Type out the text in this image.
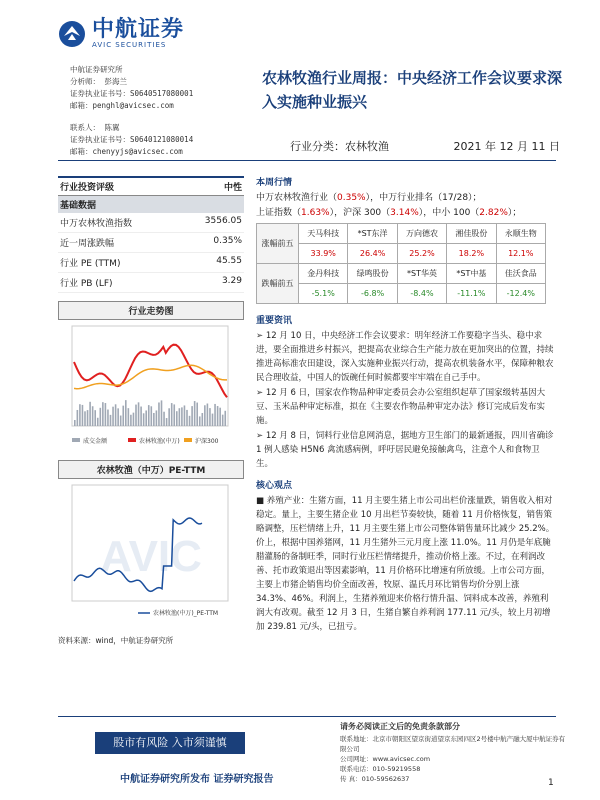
中航证券
AVIC SECURITIES
中航证券研究所
分析师： 彭海兰
证券执业证书号：S0640517080001
邮箱：penghl@avicsec.com
联系人： 陈翼
证券执业证书号：S0640121080014
邮箱：chenyyjs@avicsec.com
农林牧渔行业周报：中央经济工作会议要求深入实施种业振兴
行业分类：农林牧渔	2021 年 12 月 11 日
行业投资评级	中性
基础数据
中万农林牧渔指数	3556.05
近一周涨跌幅	0.35%
行业 PE (TTM)	45.55
行业 PB (LF)	3.29
行业走势图
成交金额	农林牧渔(中万)	沪深300
农林牧渔（中万）PE-TTM
AVIC
农林牧渔(中万)_PE-TTM
资料来源：wind，中航证券研究所
本周行情
中万农林牧渔行业（0.35%），中万行业排名（17/28）；
上证指数（1.63%），沪深 300（3.14%），中小 100（2.82%）；
涨幅前五	天马科技	*ST东洋	万向德农	湘佳股份	永顺生物
	33.9%	26.4%	25.2%	18.2%	12.1%
跌幅前五	金丹科技	绿鸣股份	*ST华英	*ST中基	佳沃食品
	-5.1%	-6.8%	-8.4%	-11.1%	-12.4%
重要资讯

➢ 12 月 10 日，中央经济工作会议要求：明年经济工作要稳字当头、稳中求进，要全面推进乡村振兴，把提高农业综合生产能力放在更加突出的位置，持续推进高标准农田建设，深入实施种业振兴行动，提高农机装备水平，保障种粮农民合理收益，中国人的饭碗任何时候都要牢牢端在自己手中。

➢ 12 月 6 日，国家农作物品种审定委员会办公室组织起草了国家级转基因大豆、玉米品种审定标准，拟在《主要农作物品种审定办法》修订完成后发布实施。

➢ 12 月 8 日，饲料行业信息网消息，据地方卫生部门的最新通报，四川省确诊 1 例人感染 H5N6 禽流感病例，呼吁居民避免接触禽鸟，注意个人和食物卫生。

核心观点
■ 养殖产业：生猪方面，11 月主要生猪上市公司出栏价涨量跌，销售收入相对稳定。量上，主要生猪企业 10 月出栏节奏较快，随着 11 月价格恢复，销售策略调整，压栏情绪上升，11 月主要生猪上市公司整体销售量环比减少 25.2%。价上，根据中国养猪网，11 月生猪外三元月度上涨 11.0%。11 月仍是年底腌腊灌肠的备制旺季，同时行业压栏情绪提升，推动价格上涨。不过，在利润改善、托市政策退出等因素影响，11 月价格环比增速有所放缓。上市公司方面，主要上市猪企销售均价全面改善，牧原、温氏月环比销售均价分别上涨 34.3%、46%。利润上，生猪养殖迎来价格行情升温、饲料成本改善，养殖利润大有改观。截至 12 月 3 日，生猪自繁自养利润 177.11 元/头，较上月初增加 239.81 元/头，已扭亏。
股市有风险 入市须谨慎
中航证券研究所发布 证券研究报告
请务必阅读正文后的免责条款部分
联系地址：北京市朝阳区望京街道望京东园四区2号楼中航产融大厦中航证券有限公司
公司网址：www.avicsec.com
联系电话：010-59219558
传 真：010-59562637	1
